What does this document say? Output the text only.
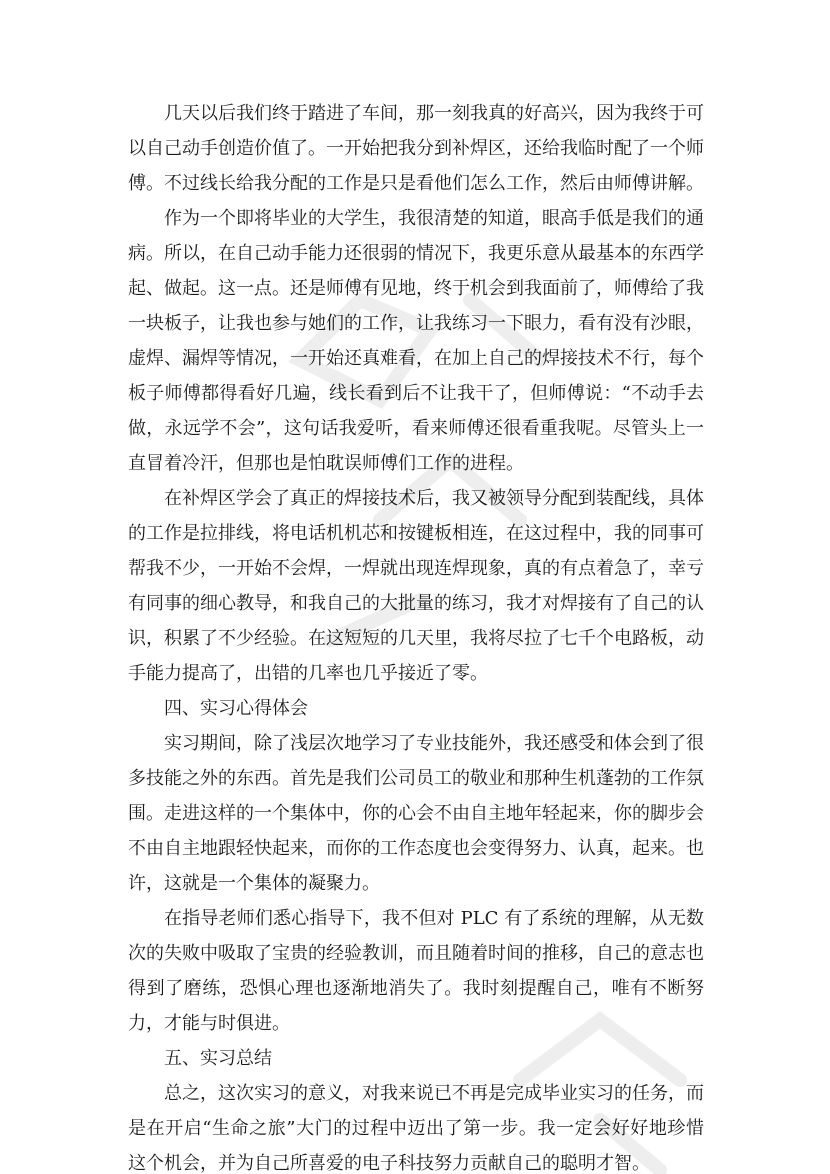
几天以后我们终于踏进了车间，那一刻我真的好高兴，因为我终于可以自己动手创造价值了。一开始把我分到补焊区，还给我临时配了一个师傅。不过线长给我分配的工作是只是看他们怎么工作，然后由师傅讲解。

作为一个即将毕业的大学生，我很清楚的知道，眼高手低是我们的通病。所以，在自己动手能力还很弱的情况下，我更乐意从最基本的东西学起、做起。这一点。还是师傅有见地，终于机会到我面前了，师傅给了我一块板子，让我也参与她们的工作，让我练习一下眼力，看有没有沙眼，虚焊、漏焊等情况，一开始还真难看，在加上自己的焊接技术不行，每个板子师傅都得看好几遍，线长看到后不让我干了，但师傅说：“不动手去做，永远学不会”，这句话我爱听，看来师傅还很看重我呢。尽管头上一直冒着冷汗，但那也是怕耽误师傅们工作的进程。

在补焊区学会了真正的焊接技术后，我又被领导分配到装配线，具体的工作是拉排线，将电话机机芯和按键板相连，在这过程中，我的同事可帮我不少，一开始不会焊，一焊就出现连焊现象，真的有点着急了，幸亏有同事的细心教导，和我自己的大批量的练习，我才对焊接有了自己的认识，积累了不少经验。在这短短的几天里，我将尽拉了七千个电路板，动手能力提高了，出错的几率也几乎接近了零。

四、实习心得体会

实习期间，除了浅层次地学习了专业技能外，我还感受和体会到了很多技能之外的东西。首先是我们公司员工的敬业和那种生机蓬勃的工作氛围。走进这样的一个集体中，你的心会不由自主地年轻起来，你的脚步会不由自主地跟轻快起来，而你的工作态度也会变得努力、认真，起来。也许，这就是一个集体的凝聚力。

在指导老师们悉心指导下，我不但对 PLC 有了系统的理解，从无数次的失败中吸取了宝贵的经验教训，而且随着时间的推移，自己的意志也得到了磨练，恐惧心理也逐渐地消失了。我时刻提醒自己，唯有不断努力，才能与时俱进。

五、实习总结

总之，这次实习的意义，对我来说已不再是完成毕业实习的任务，而是在开启“生命之旅”大门的过程中迈出了第一步。我一定会好好地珍惜这个机会，并为自己所喜爱的电子科技努力贡献自己的聪明才智。
